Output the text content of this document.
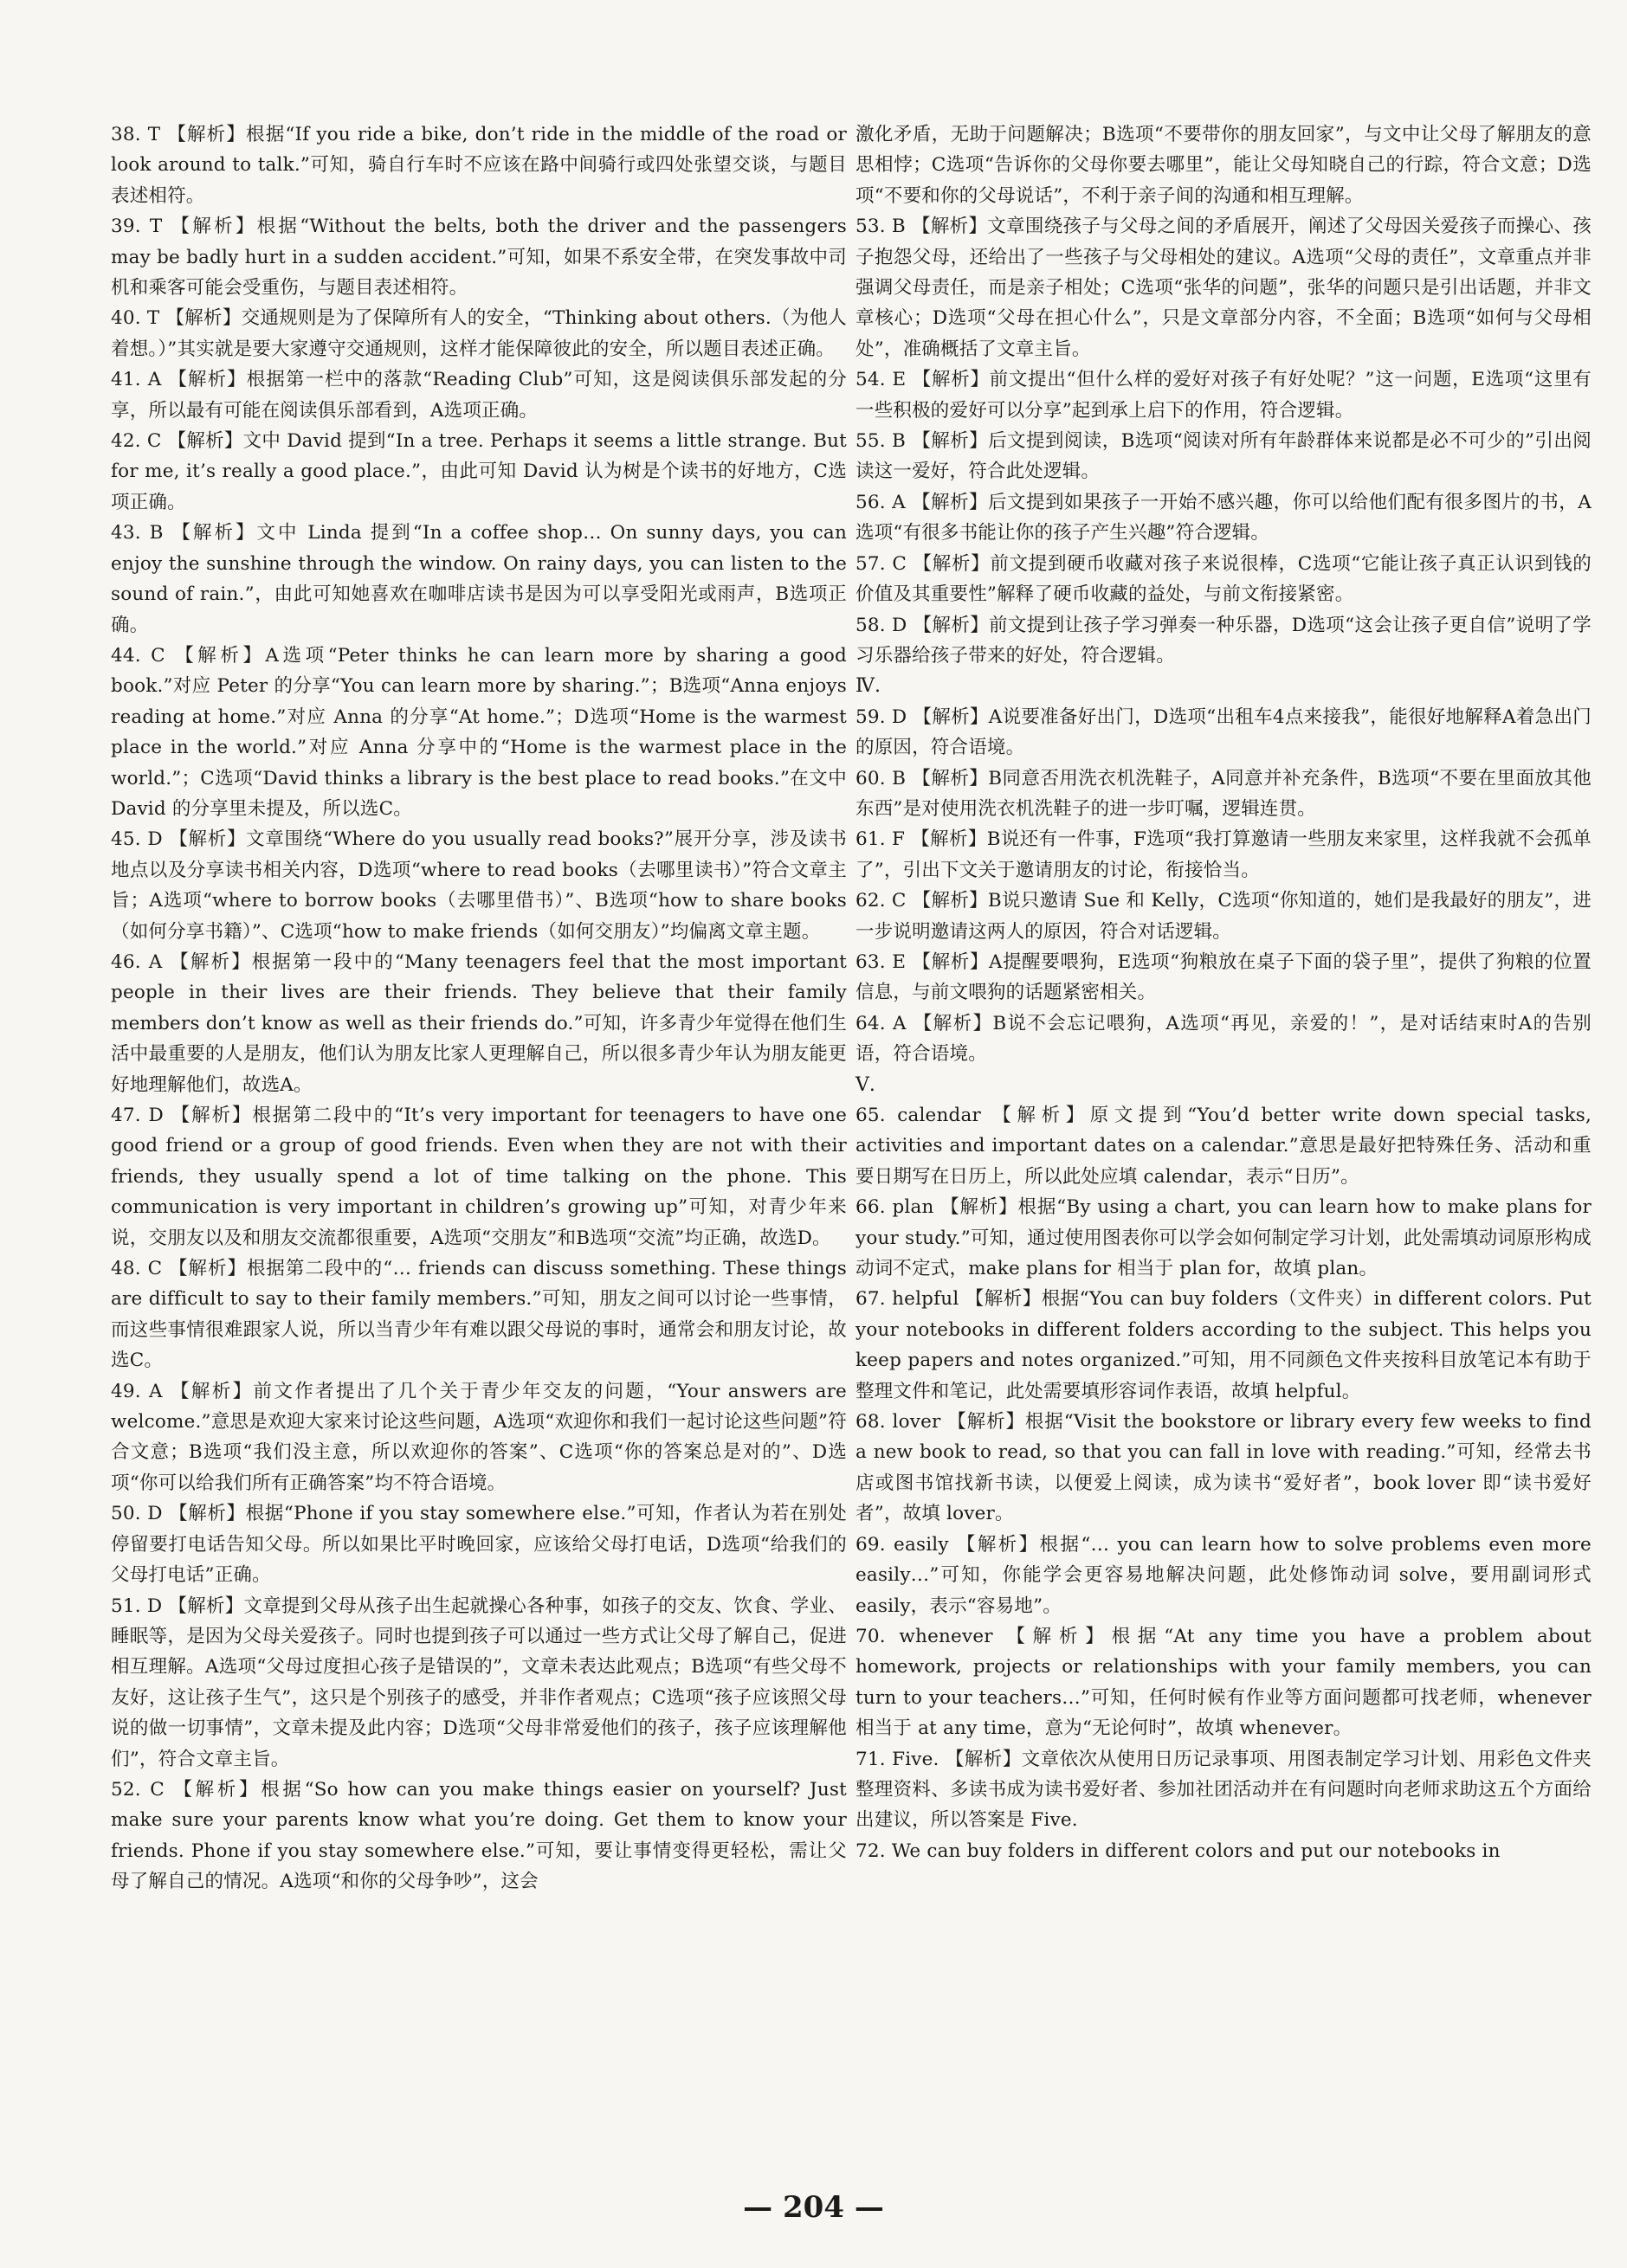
38. T 【解析】根据“If you ride a bike, don’t ride in the middle of the road or look around to talk.”可知，骑自行车时不应该在路中间骑行或四处张望交谈，与题目表述相符。

39. T 【解析】根据“Without the belts, both the driver and the passengers may be badly hurt in a sudden accident.”可知，如果不系安全带，在突发事故中司机和乘客可能会受重伤，与题目表述相符。

40. T 【解析】交通规则是为了保障所有人的安全，“Thinking about others.（为他人着想。）”其实就是要大家遵守交通规则，这样才能保障彼此的安全，所以题目表述正确。

41. A 【解析】根据第一栏中的落款“Reading Club”可知，这是阅读俱乐部发起的分享，所以最有可能在阅读俱乐部看到，A选项正确。

42. C 【解析】文中 David 提到“In a tree. Perhaps it seems a little strange. But for me, it’s really a good place.”，由此可知 David 认为树是个读书的好地方，C选项正确。

43. B 【解析】文中 Linda 提到“In a coffee shop… On sunny days, you can enjoy the sunshine through the window. On rainy days, you can listen to the sound of rain.”，由此可知她喜欢在咖啡店读书是因为可以享受阳光或雨声，B选项正确。

44. C 【解析】A选项“Peter thinks he can learn more by sharing a good book.”对应 Peter 的分享“You can learn more by sharing.”；B选项“Anna enjoys reading at home.”对应 Anna 的分享“At home.”；D选项“Home is the warmest place in the world.”对应 Anna 分享中的“Home is the warmest place in the world.”；C选项“David thinks a library is the best place to read books.”在文中 David 的分享里未提及，所以选C。

45. D 【解析】文章围绕“Where do you usually read books?”展开分享，涉及读书地点以及分享读书相关内容，D选项“where to read books（去哪里读书）”符合文章主旨；A选项“where to borrow books（去哪里借书）”、B选项“how to share books（如何分享书籍）”、C选项“how to make friends（如何交朋友）”均偏离文章主题。

46. A 【解析】根据第一段中的“Many teenagers feel that the most important people in their lives are their friends. They believe that their family members don’t know as well as their friends do.”可知，许多青少年觉得在他们生活中最重要的人是朋友，他们认为朋友比家人更理解自己，所以很多青少年认为朋友能更好地理解他们，故选A。

47. D 【解析】根据第二段中的“It’s very important for teenagers to have one good friend or a group of good friends. Even when they are not with their friends, they usually spend a lot of time talking on the phone. This communication is very important in children’s growing up”可知，对青少年来说，交朋友以及和朋友交流都很重要，A选项“交朋友”和B选项“交流”均正确，故选D。

48. C 【解析】根据第二段中的“… friends can discuss something. These things are difficult to say to their family members.”可知，朋友之间可以讨论一些事情，而这些事情很难跟家人说，所以当青少年有难以跟父母说的事时，通常会和朋友讨论，故选C。

49. A 【解析】前文作者提出了几个关于青少年交友的问题，“Your answers are welcome.”意思是欢迎大家来讨论这些问题，A选项“欢迎你和我们一起讨论这些问题”符合文意；B选项“我们没主意，所以欢迎你的答案”、C选项“你的答案总是对的”、D选项“你可以给我们所有正确答案”均不符合语境。

50. D 【解析】根据“Phone if you stay somewhere else.”可知，作者认为若在别处停留要打电话告知父母。所以如果比平时晚回家，应该给父母打电话，D选项“给我们的父母打电话”正确。

51. D 【解析】文章提到父母从孩子出生起就操心各种事，如孩子的交友、饮食、学业、睡眠等，是因为父母关爱孩子。同时也提到孩子可以通过一些方式让父母了解自己，促进相互理解。A选项“父母过度担心孩子是错误的”，文章未表达此观点；B选项“有些父母不友好，这让孩子生气”，这只是个别孩子的感受，并非作者观点；C选项“孩子应该照父母说的做一切事情”，文章未提及此内容；D选项“父母非常爱他们的孩子，孩子应该理解他们”，符合文章主旨。

52. C 【解析】根据“So how can you make things easier on yourself? Just make sure your parents know what you’re doing. Get them to know your friends. Phone if you stay somewhere else.”可知，要让事情变得更轻松，需让父母了解自己的情况。A选项“和你的父母争吵”，这会

激化矛盾，无助于问题解决；B选项“不要带你的朋友回家”，与文中让父母了解朋友的意思相悖；C选项“告诉你的父母你要去哪里”，能让父母知晓自己的行踪，符合文意；D选项“不要和你的父母说话”，不利于亲子间的沟通和相互理解。

53. B 【解析】文章围绕孩子与父母之间的矛盾展开，阐述了父母因关爱孩子而操心、孩子抱怨父母，还给出了一些孩子与父母相处的建议。A选项“父母的责任”，文章重点并非强调父母责任，而是亲子相处；C选项“张华的问题”，张华的问题只是引出话题，并非文章核心；D选项“父母在担心什么”，只是文章部分内容，不全面；B选项“如何与父母相处”，准确概括了文章主旨。

54. E 【解析】前文提出“但什么样的爱好对孩子有好处呢？”这一问题，E选项“这里有一些积极的爱好可以分享”起到承上启下的作用，符合逻辑。

55. B 【解析】后文提到阅读，B选项“阅读对所有年龄群体来说都是必不可少的”引出阅读这一爱好，符合此处逻辑。

56. A 【解析】后文提到如果孩子一开始不感兴趣，你可以给他们配有很多图片的书，A选项“有很多书能让你的孩子产生兴趣”符合逻辑。

57. C 【解析】前文提到硬币收藏对孩子来说很棒，C选项“它能让孩子真正认识到钱的价值及其重要性”解释了硬币收藏的益处，与前文衔接紧密。

58. D 【解析】前文提到让孩子学习弹奏一种乐器，D选项“这会让孩子更自信”说明了学习乐器给孩子带来的好处，符合逻辑。

Ⅳ.

59. D 【解析】A说要准备好出门，D选项“出租车4点来接我”，能很好地解释A着急出门的原因，符合语境。

60. B 【解析】B同意否用洗衣机洗鞋子，A同意并补充条件，B选项“不要在里面放其他东西”是对使用洗衣机洗鞋子的进一步叮嘱，逻辑连贯。

61. F 【解析】B说还有一件事，F选项“我打算邀请一些朋友来家里，这样我就不会孤单了”，引出下文关于邀请朋友的讨论，衔接恰当。

62. C 【解析】B说只邀请 Sue 和 Kelly，C选项“你知道的，她们是我最好的朋友”，进一步说明邀请这两人的原因，符合对话逻辑。

63. E 【解析】A提醒要喂狗，E选项“狗粮放在桌子下面的袋子里”，提供了狗粮的位置信息，与前文喂狗的话题紧密相关。

64. A 【解析】B说不会忘记喂狗，A选项“再见，亲爱的！”，是对话结束时A的告别语，符合语境。

Ⅴ.

65. calendar 【解析】原文提到“You’d better write down special tasks, activities and important dates on a calendar.”意思是最好把特殊任务、活动和重要日期写在日历上，所以此处应填 calendar，表示“日历”。

66. plan 【解析】根据“By using a chart, you can learn how to make plans for your study.”可知，通过使用图表你可以学会如何制定学习计划，此处需填动词原形构成动词不定式，make plans for 相当于 plan for，故填 plan。

67. helpful 【解析】根据“You can buy folders（文件夹）in different colors. Put your notebooks in different folders according to the subject. This helps you keep papers and notes organized.”可知，用不同颜色文件夹按科目放笔记本有助于整理文件和笔记，此处需要填形容词作表语，故填 helpful。

68. lover 【解析】根据“Visit the bookstore or library every few weeks to find a new book to read, so that you can fall in love with reading.”可知，经常去书店或图书馆找新书读，以便爱上阅读，成为读书“爱好者”，book lover 即“读书爱好者”，故填 lover。

69. easily 【解析】根据“… you can learn how to solve problems even more easily…”可知，你能学会更容易地解决问题，此处修饰动词 solve，要用副词形式 easily，表示“容易地”。

70. whenever 【解析】根据“At any time you have a problem about homework, projects or relationships with your family members, you can turn to your teachers…”可知，任何时候有作业等方面问题都可找老师，whenever 相当于 at any time，意为“无论何时”，故填 whenever。

71. Five. 【解析】文章依次从使用日历记录事项、用图表制定学习计划、用彩色文件夹整理资料、多读书成为读书爱好者、参加社团活动并在有问题时向老师求助这五个方面给出建议，所以答案是 Five.

72. We can buy folders in different colors and put our notebooks in

— 204 —
